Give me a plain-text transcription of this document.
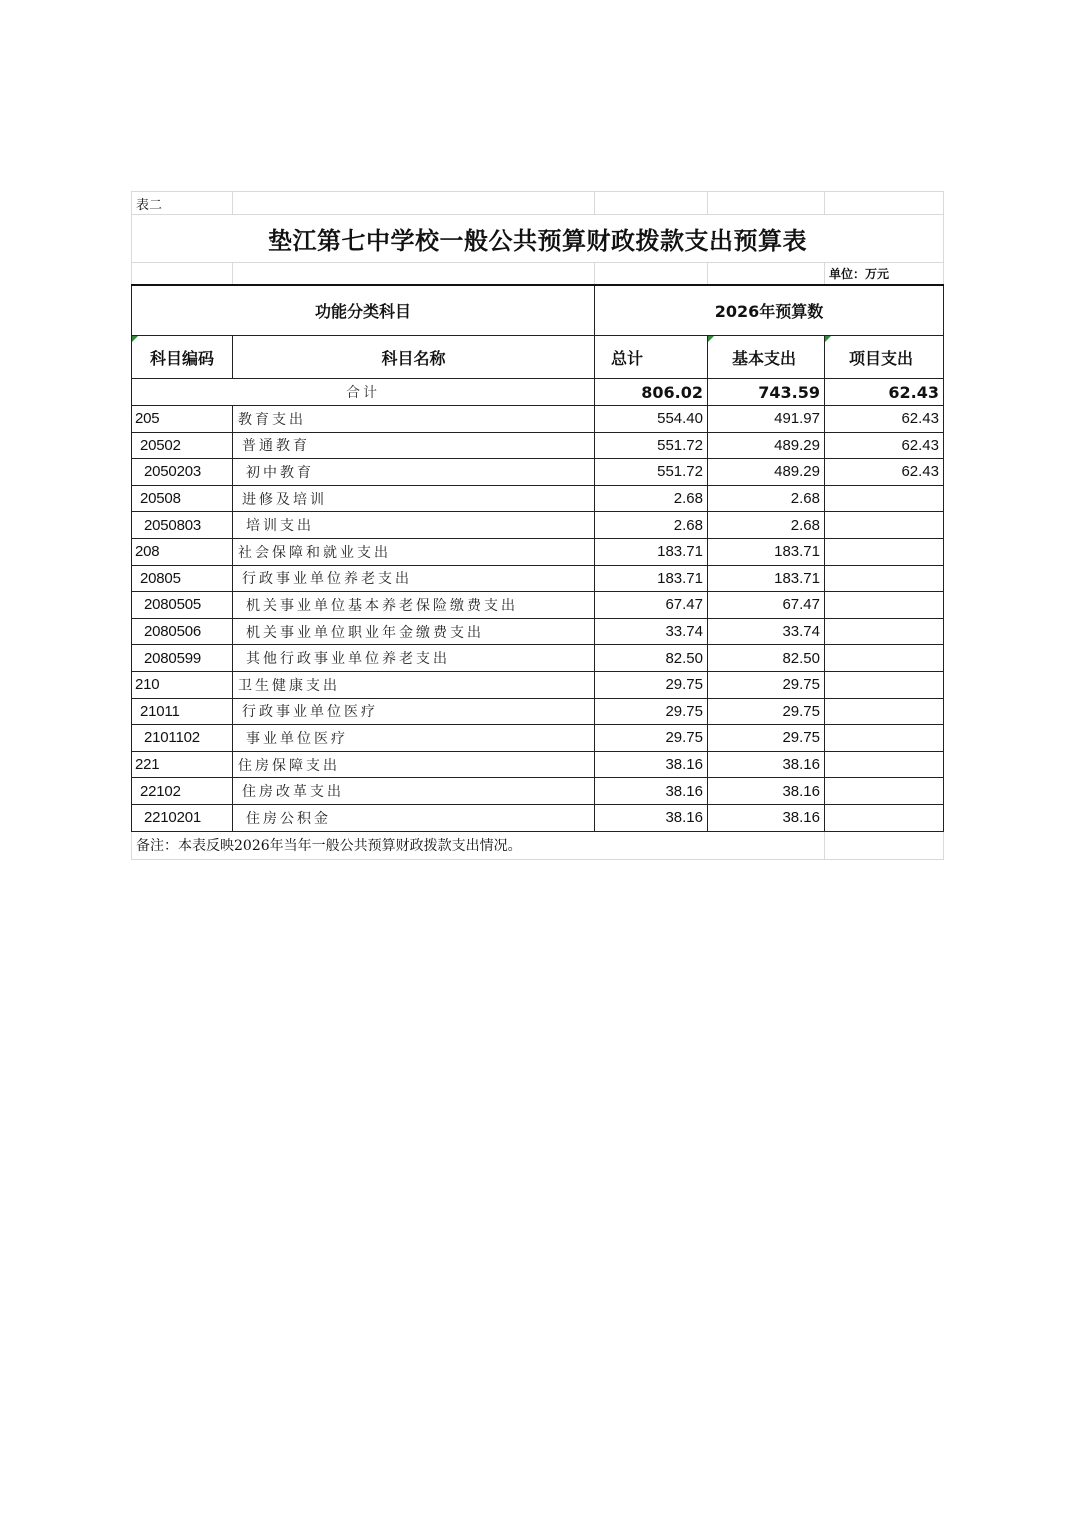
表二				
垫江第七中学校一般公共预算财政拨款支出预算表				
				单位：万元
功能分类科目		2026年预算数		
科目编码	科目名称	总计	基本支出	项目支出
合计		806.02	743.59	62.43
205	教育支出	554.40	491.97	62.43
20502	普通教育	551.72	489.29	62.43
2050203	初中教育	551.72	489.29	62.43
20508	进修及培训	2.68	2.68	
2050803	培训支出	2.68	2.68	
208	社会保障和就业支出	183.71	183.71	
20805	行政事业单位养老支出	183.71	183.71	
2080505	机关事业单位基本养老保险缴费支出	67.47	67.47	
2080506	机关事业单位职业年金缴费支出	33.74	33.74	
2080599	其他行政事业单位养老支出	82.50	82.50	
210	卫生健康支出	29.75	29.75	
21011	行政事业单位医疗	29.75	29.75	
2101102	事业单位医疗	29.75	29.75	
221	住房保障支出	38.16	38.16	
22102	住房改革支出	38.16	38.16	
2210201	住房公积金	38.16	38.16	
备注：本表反映2026年当年一般公共预算财政拨款支出情况。				
